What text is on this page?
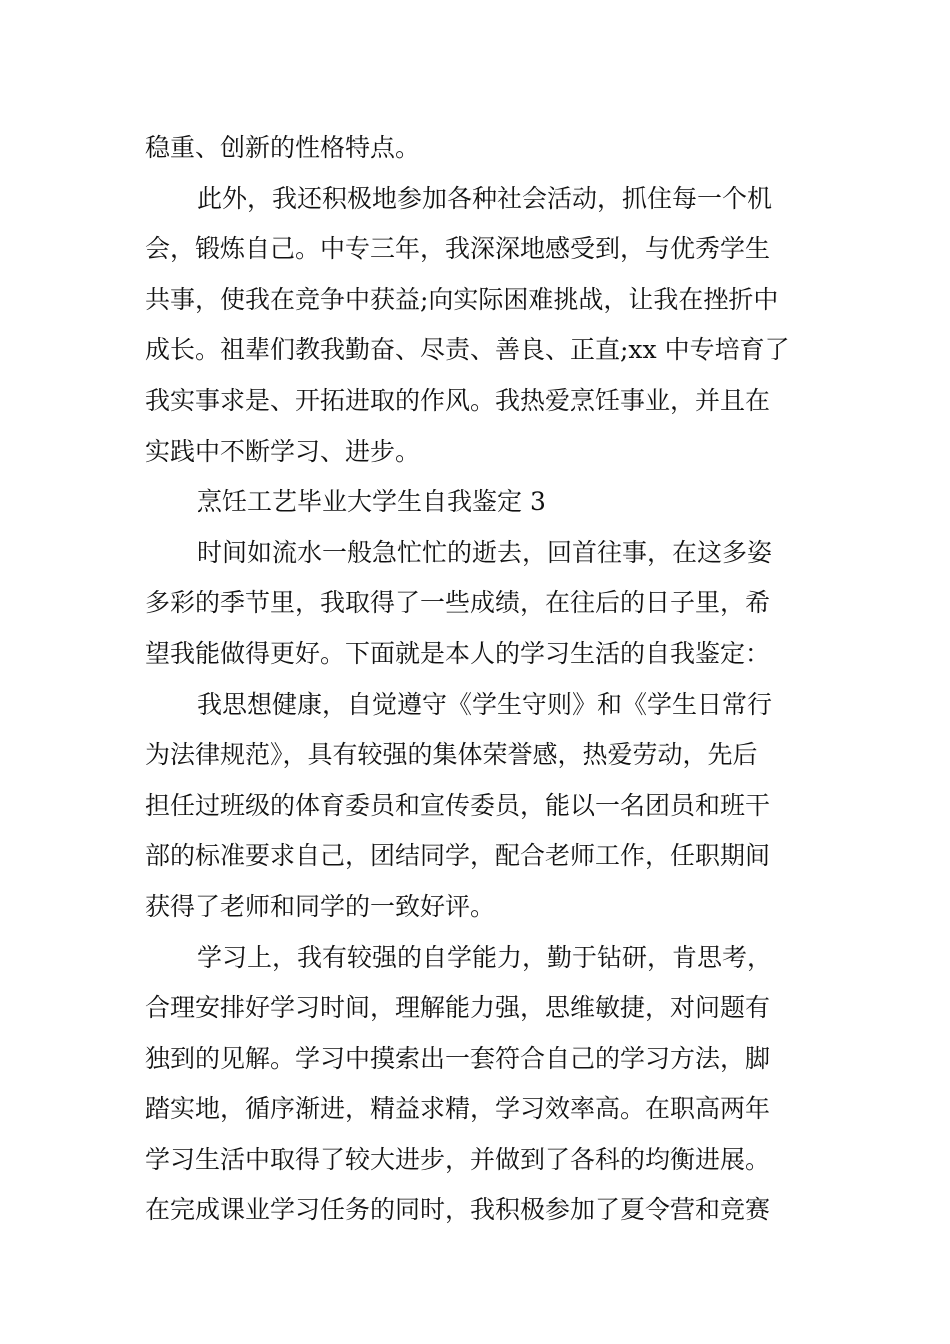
稳重、创新的性格特点。
此外，我还积极地参加各种社会活动，抓住每一个机
会，锻炼自己。中专三年，我深深地感受到，与优秀学生
共事，使我在竞争中获益;向实际困难挑战，让我在挫折中
成长。祖辈们教我勤奋、尽责、善良、正直;xx 中专培育了
我实事求是、开拓进取的作风。我热爱烹饪事业，并且在
实践中不断学习、进步。
烹饪工艺毕业大学生自我鉴定 3
时间如流水一般急忙忙的逝去，回首往事，在这多姿
多彩的季节里，我取得了一些成绩，在往后的日子里，希
望我能做得更好。下面就是本人的学习生活的自我鉴定：
我思想健康，自觉遵守《学生守则》和《学生日常行
为法律规范》，具有较强的集体荣誉感，热爱劳动，先后
担任过班级的体育委员和宣传委员，能以一名团员和班干
部的标准要求自己，团结同学，配合老师工作，任职期间
获得了老师和同学的一致好评。
学习上，我有较强的自学能力，勤于钻研，肯思考，
合理安排好学习时间，理解能力强，思维敏捷，对问题有
独到的见解。学习中摸索出一套符合自己的学习方法，脚
踏实地，循序渐进，精益求精，学习效率高。在职高两年
学习生活中取得了较大进步，并做到了各科的均衡进展。
在完成课业学习任务的同时，我积极参加了夏令营和竞赛
